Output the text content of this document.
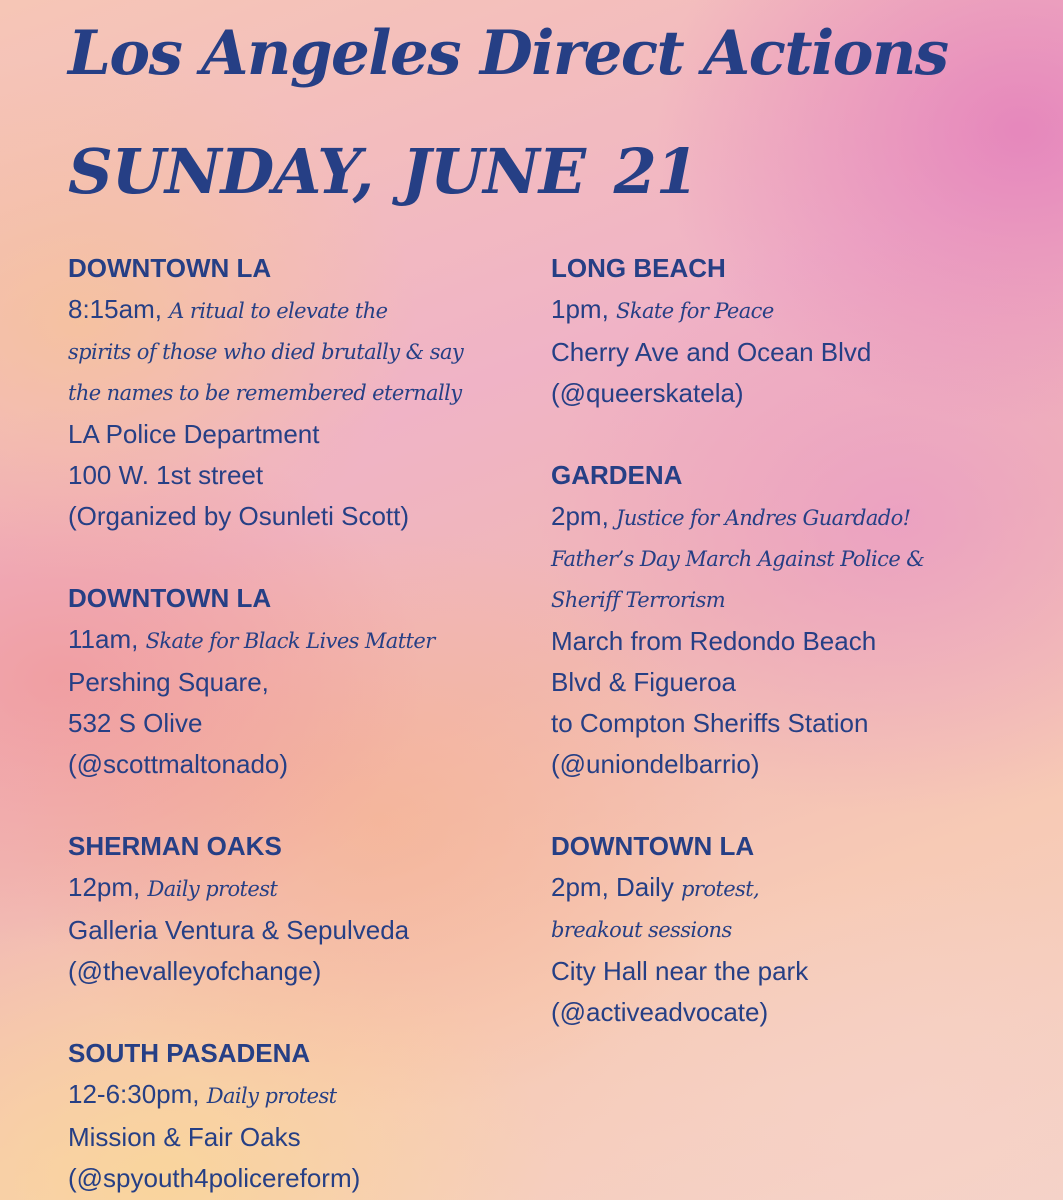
Los Angeles Direct Actions
SUNDAY, JUNE 21
DOWNTOWN LA
8:15am, A ritual to elevate the
spirits of those who died brutally & say
the names to be remembered eternally
LA Police Department
100 W. 1st street
(Organized by Osunleti Scott)
DOWNTOWN LA
11am, Skate for Black Lives Matter
Pershing Square,
532 S Olive
(@scottmaltonado)
SHERMAN OAKS
12pm, Daily protest
Galleria Ventura & Sepulveda
(@thevalleyofchange)
SOUTH PASADENA
12-6:30pm, Daily protest
Mission & Fair Oaks
(@spyouth4policereform)
LONG BEACH
1pm, Skate for Peace
Cherry Ave and Ocean Blvd
(@queerskatela)
GARDENA
2pm, Justice for Andres Guardado!
Father’s Day March Against Police &
Sheriff Terrorism
March from Redondo Beach
Blvd & Figueroa
to Compton Sheriffs Station
(@uniondelbarrio)
DOWNTOWN LA
2pm, Daily protest,
breakout sessions
City Hall near the park
(@activeadvocate)
